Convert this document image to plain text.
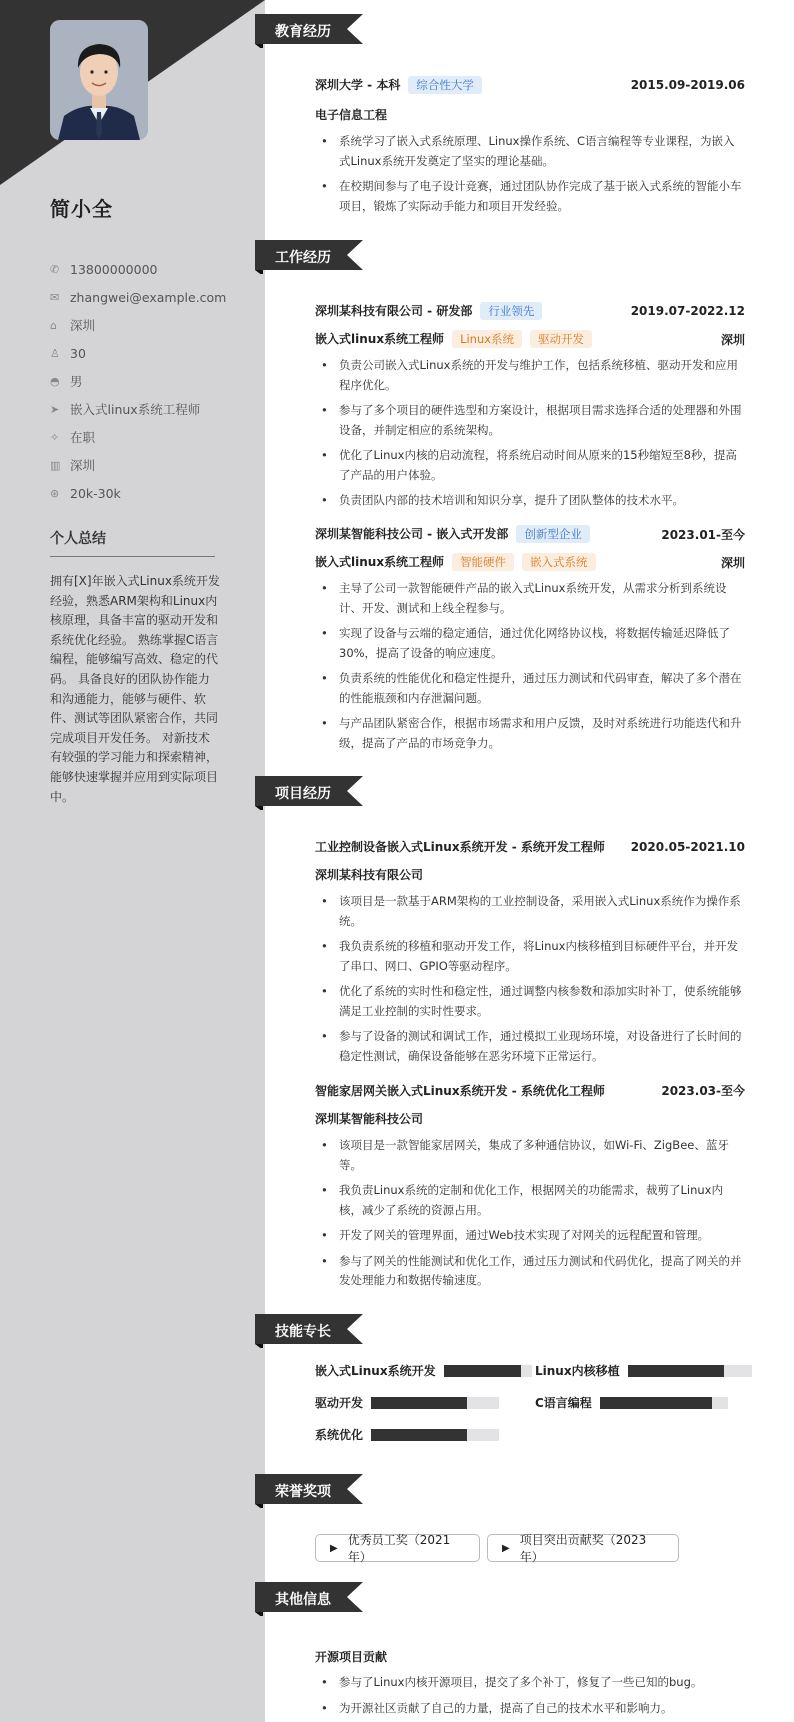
简小全
✆ 13800000000
✉ zhangwei@example.com
⌂	深圳
♙ 30
◓ 男
➤ 嵌入式linux系统工程师
✧ 在职
▥ 深圳
⊛ 20k-30k
个人总结
拥有[X]年嵌入式Linux系统开发经验，熟悉ARM架构和Linux内核原理，具备丰富的驱动开发和系统优化经验。 熟练掌握C语言编程，能够编写高效、稳定的代码。 具备良好的团队协作能力和沟通能力，能够与硬件、软件、测试等团队紧密合作，共同完成项目开发任务。 对新技术有较强的学习能力和探索精神，能够快速掌握并应用到实际项目中。
教育经历
深圳大学 - 本科 综合性大学	2015.09-2019.06
电子信息工程
• 系统学习了嵌入式系统原理、Linux操作系统、C语言编程等专业课程，为嵌入式Linux系统开发奠定了坚实的理论基础。
• 在校期间参与了电子设计竞赛，通过团队协作完成了基于嵌入式系统的智能小车项目，锻炼了实际动手能力和项目开发经验。
工作经历
深圳某科技有限公司 - 研发部 行业领先	2019.07-2022.12
嵌入式linux系统工程师 Linux系统 驱动开发	深圳
• 负责公司嵌入式Linux系统的开发与维护工作，包括系统移植、驱动开发和应用程序优化。
• 参与了多个项目的硬件选型和方案设计，根据项目需求选择合适的处理器和外围设备，并制定相应的系统架构。
• 优化了Linux内核的启动流程，将系统启动时间从原来的15秒缩短至8秒，提高了产品的用户体验。
• 负责团队内部的技术培训和知识分享，提升了团队整体的技术水平。
深圳某智能科技公司 - 嵌入式开发部 创新型企业	2023.01-至今
嵌入式linux系统工程师 智能硬件 嵌入式系统	深圳
• 主导了公司一款智能硬件产品的嵌入式Linux系统开发，从需求分析到系统设计、开发、测试和上线全程参与。
• 实现了设备与云端的稳定通信，通过优化网络协议栈，将数据传输延迟降低了30%，提高了设备的响应速度。
• 负责系统的性能优化和稳定性提升，通过压力测试和代码审查，解决了多个潜在的性能瓶颈和内存泄漏问题。
• 与产品团队紧密合作，根据市场需求和用户反馈，及时对系统进行功能迭代和升级，提高了产品的市场竞争力。
项目经历
工业控制设备嵌入式Linux系统开发 - 系统开发工程师 2020.05-2021.10
深圳某科技有限公司
• 该项目是一款基于ARM架构的工业控制设备，采用嵌入式Linux系统作为操作系统。
• 我负责系统的移植和驱动开发工作，将Linux内核移植到目标硬件平台，并开发了串口、网口、GPIO等驱动程序。
• 优化了系统的实时性和稳定性，通过调整内核参数和添加实时补丁，使系统能够满足工业控制的实时性要求。
• 参与了设备的测试和调试工作，通过模拟工业现场环境，对设备进行了长时间的稳定性测试，确保设备能够在恶劣环境下正常运行。
智能家居网关嵌入式Linux系统开发 - 系统优化工程师	2023.03-至今
深圳某智能科技公司
• 该项目是一款智能家居网关，集成了多种通信协议，如Wi-Fi、ZigBee、蓝牙等。
• 我负责Linux系统的定制和优化工作，根据网关的功能需求，裁剪了Linux内核，减少了系统的资源占用。
• 开发了网关的管理界面，通过Web技术实现了对网关的远程配置和管理。
• 参与了网关的性能测试和优化工作，通过压力测试和代码优化，提高了网关的并发处理能力和数据传输速度。
技能专长
嵌入式Linux系统开发	Linux内核移植
驱动开发	C语言编程
系统优化
荣誉奖项
▶
优秀员工奖（2021年）
▶
项目突出贡献奖（2023年）
其他信息
开源项目贡献
• 参与了Linux内核开源项目，提交了多个补丁，修复了一些已知的bug。
• 为开源社区贡献了自己的力量，提高了自己的技术水平和影响力。
